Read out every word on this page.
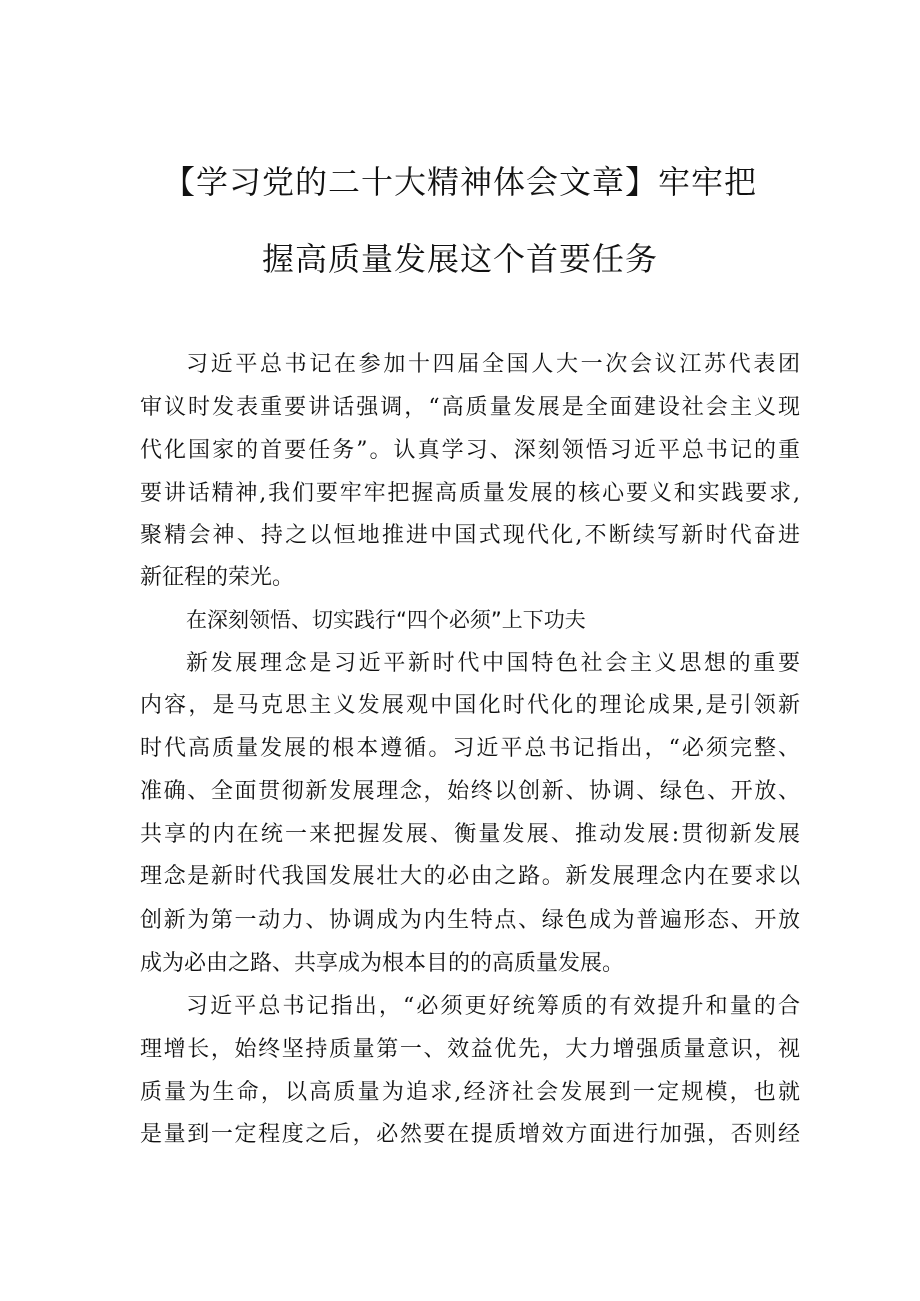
【学习党的二十大精神体会文章】牢牢把
握高质量发展这个首要任务
习近平总书记在参加十四届全国人大一次会议江苏代表团
审议时发表重要讲话强调，“高质量发展是全面建设社会主义现
代化国家的首要任务”。认真学习、深刻领悟习近平总书记的重
要讲话精神,我们要牢牢把握高质量发展的核心要义和实践要求,
聚精会神、持之以恒地推进中国式现代化,不断续写新时代奋进
新征程的荣光。
在深刻领悟、切实践行“四个必须”上下功夫
新发展理念是习近平新时代中国特色社会主义思想的重要
内容，是马克思主义发展观中国化时代化的理论成果,是引领新
时代高质量发展的根本遵循。习近平总书记指出，“必须完整、
准确、全面贯彻新发展理念，始终以创新、协调、绿色、开放、
共享的内在统一来把握发展、衡量发展、推动发展:贯彻新发展
理念是新时代我国发展壮大的必由之路。新发展理念内在要求以
创新为第一动力、协调成为内生特点、绿色成为普遍形态、开放
成为必由之路、共享成为根本目的的高质量发展。
习近平总书记指出，“必须更好统筹质的有效提升和量的合
理增长，始终坚持质量第一、效益优先，大力增强质量意识，视
质量为生命，以高质量为追求,经济社会发展到一定规模，也就
是量到一定程度之后，必然要在提质增效方面进行加强，否则经
